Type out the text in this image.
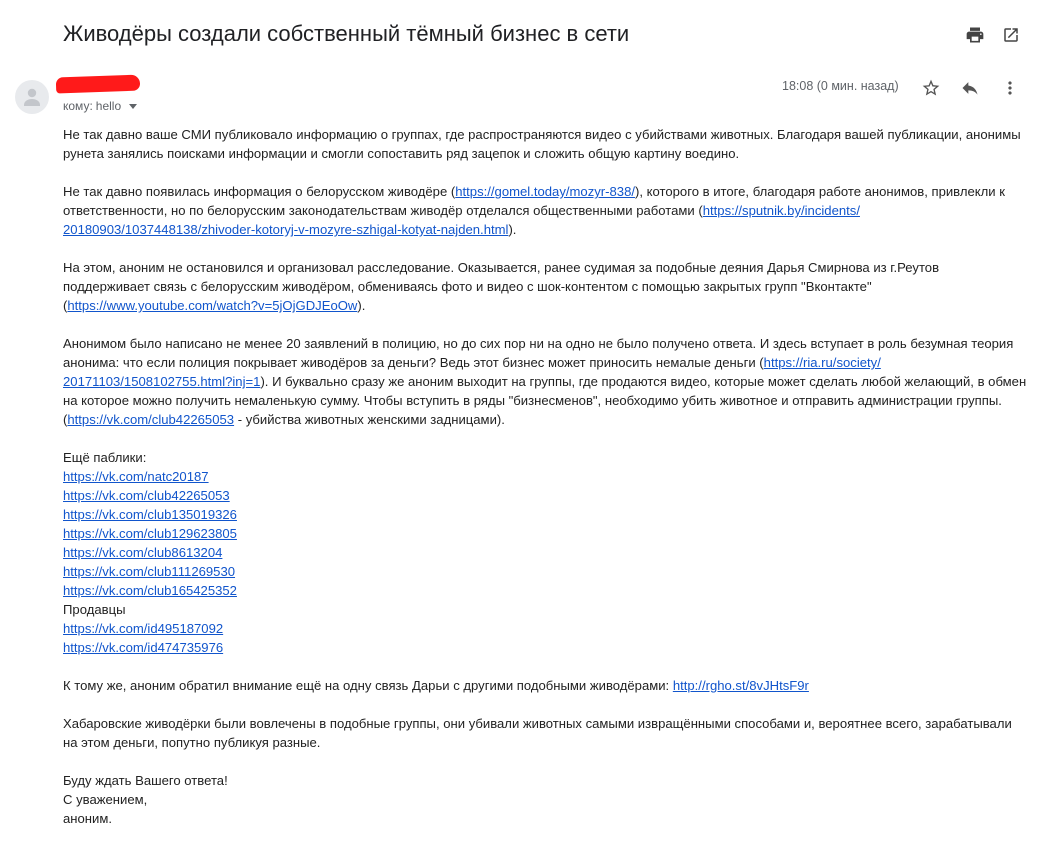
Живодёры создали собственный тёмный бизнес в сети
кому: hello
18:08 (0 мин. назад)

Не так давно ваше СМИ публиковало информацию о группах, где распространяются видео с убийствами животных. Благодаря вашей публикации, анонимы
рунета занялись поисками информации и смогли сопоставить ряд зацепок и сложить общую картину воедино.

Не так давно появилась информация о белорусском живодёре (https://gomel.today/mozyr-838/), которого в итоге, благодаря работе анонимов, привлекли к
ответственности, но по белорусским законодательствам живодёр отделался общественными работами (https://sputnik.by/incidents/
20180903/1037448138/zhivoder-kotoryj-v-mozyre-szhigal-kotyat-najden.html).

На этом, аноним не остановился и организовал расследование. Оказывается, ранее судимая за подобные деяния Дарья Смирнова из г.Реутов
поддерживает связь с белорусским живодёром, обмениваясь фото и видео с шок-контентом с помощью закрытых групп "Вконтакте"
(https://www.youtube.com/watch?v=5jOjGDJEoOw).

Анонимом было написано не менее 20 заявлений в полицию, но до сих пор ни на одно не было получено ответа. И здесь вступает в роль безумная теория
анонима: что если полиция покрывает живодёров за деньги? Ведь этот бизнес может приносить немалые деньги (https://ria.ru/society/
20171103/1508102755.html?inj=1). И буквально сразу же аноним выходит на группы, где продаются видео, которые может сделать любой желающий, в обмен
на которое можно получить немаленькую сумму. Чтобы вступить в ряды "бизнесменов", необходимо убить животное и отправить администрации группы.
(https://vk.com/club42265053 - убийства животных женскими задницами).

Ещё паблики:
https://vk.com/natc20187
https://vk.com/club42265053
https://vk.com/club135019326
https://vk.com/club129623805
https://vk.com/club8613204
https://vk.com/club111269530
https://vk.com/club165425352
Продавцы
https://vk.com/id495187092
https://vk.com/id474735976

К тому же, аноним обратил внимание ещё на одну связь Дарьи с другими подобными живодёрами: http://rgho.st/8vJHtsF9r

Хабаровские живодёрки были вовлечены в подобные группы, они убивали животных самыми извращёнными способами и, вероятнее всего, зарабатывали
на этом деньги, попутно публикуя разные.

Буду ждать Вашего ответа!
С уважением,
аноним.
